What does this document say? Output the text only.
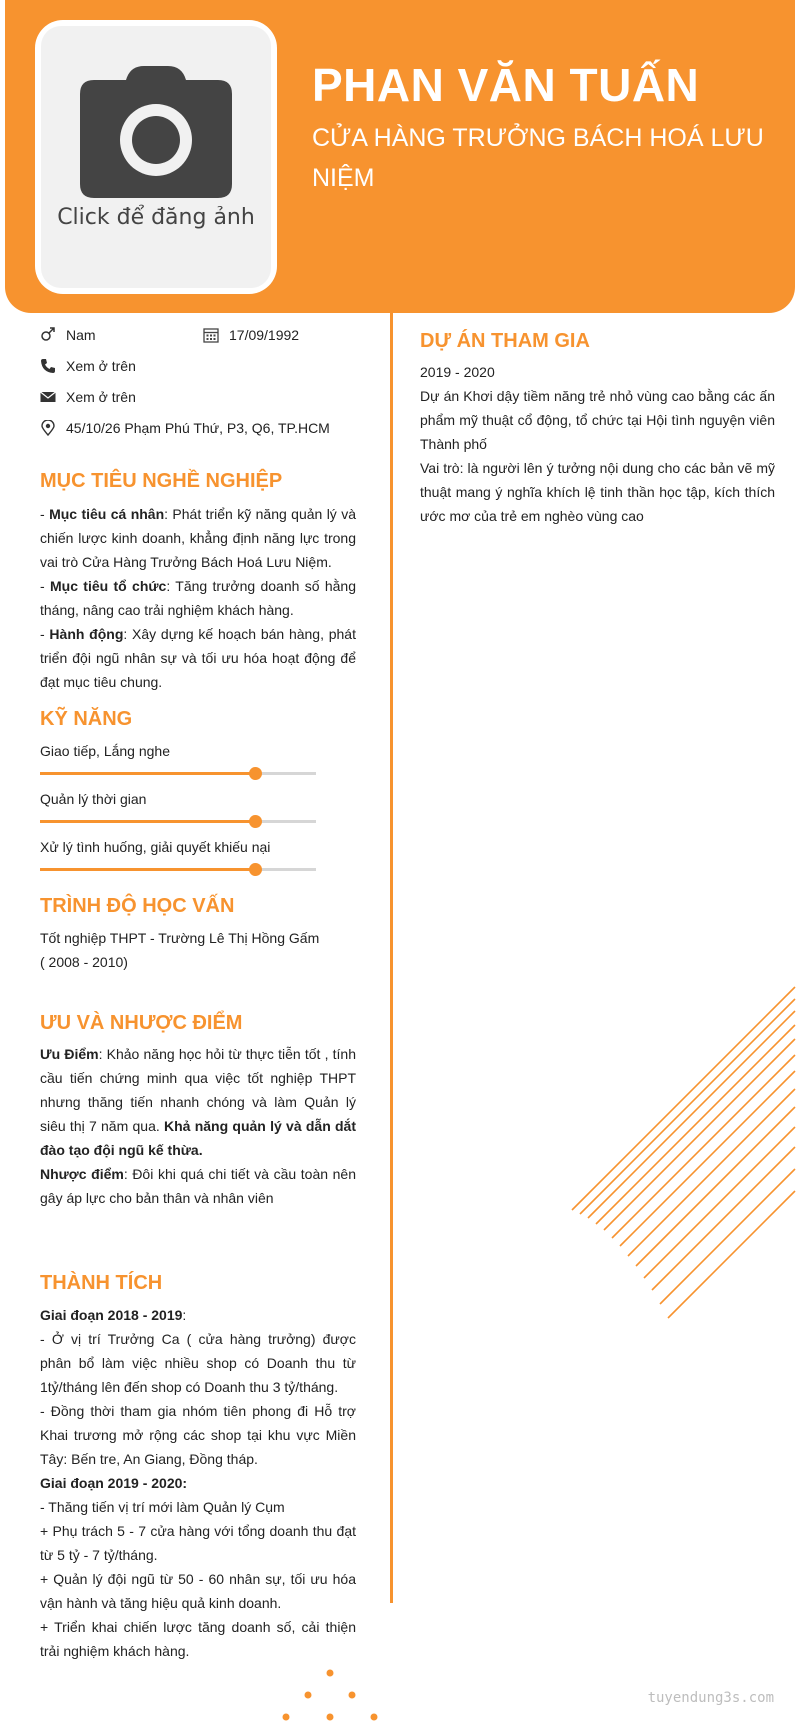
Click để đăng ảnh
PHAN VĂN TUẤN
CỬA HÀNG TRƯỞNG BÁCH HOÁ LƯU NIỆM
Nam	17/09/1992
Xem ở trên
Xem ở trên
45/10/26 Phạm Phú Thứ, P3, Q6, TP.HCM
MỤC TIÊU NGHỀ NGHIỆP
- Mục tiêu cá nhân: Phát triển kỹ năng quản lý và chiến lược kinh doanh, khẳng định năng lực trong vai trò Cửa Hàng Trưởng Bách Hoá Lưu Niệm.
- Mục tiêu tổ chức: Tăng trưởng doanh số hằng tháng, nâng cao trải nghiệm khách hàng.
- Hành động: Xây dựng kế hoạch bán hàng, phát triển đội ngũ nhân sự và tối ưu hóa hoạt động để đạt mục tiêu chung.
KỸ NĂNG
Giao tiếp, Lắng nghe
Quản lý thời gian
Xử lý tình huống, giải quyết khiếu nại
TRÌNH ĐỘ HỌC VẤN
Tốt nghiệp THPT - Trường Lê Thị Hồng Gấm
( 2008 - 2010)
ƯU VÀ NHƯỢC ĐIỂM
Ưu Điểm: Khảo năng học hỏi từ thực tiễn tốt , tính cầu tiến chứng minh qua việc tốt nghiệp THPT nhưng thăng tiến nhanh chóng và làm Quản lý siêu thị 7 năm qua. Khả năng quản lý và dẫn dắt đào tạo đội ngũ kế thừa.
Nhược điểm: Đôi khi quá chi tiết và cầu toàn nên gây áp lực cho bản thân và nhân viên
THÀNH TÍCH
Giai đoạn 2018 - 2019:
- Ở vị trí Trưởng Ca ( cửa hàng trưởng) được phân bổ làm việc nhiều shop có Doanh thu từ 1tỷ/tháng lên đến shop có Doanh thu 3 tỷ/tháng.
- Đồng thời tham gia nhóm tiên phong đi Hỗ trợ Khai trương mở rộng các shop tại khu vực Miền Tây: Bến tre, An Giang, Đồng tháp.
Giai đoạn 2019 - 2020:
- Thăng tiến vị trí mới làm Quản lý Cụm
+ Phụ trách 5 - 7 cửa hàng với tổng doanh thu đạt từ 5 tỷ - 7 tỷ/tháng.
+ Quản lý đội ngũ từ 50 - 60 nhân sự, tối ưu hóa vận hành và tăng hiệu quả kinh doanh.
+ Triển khai chiến lược tăng doanh số, cải thiện trải nghiệm khách hàng.
DỰ ÁN THAM GIA
2019 - 2020
Dự án Khơi dậy tiềm năng trẻ nhỏ vùng cao bằng các ấn phẩm mỹ thuật cổ động, tổ chức tại Hội tình nguyện viên Thành phố
Vai trò: là người lên ý tưởng nội dung cho các bản vẽ mỹ thuật mang ý nghĩa khích lệ tinh thần học tập, kích thích ước mơ của trẻ em nghèo vùng cao
tuyendung3s.com
